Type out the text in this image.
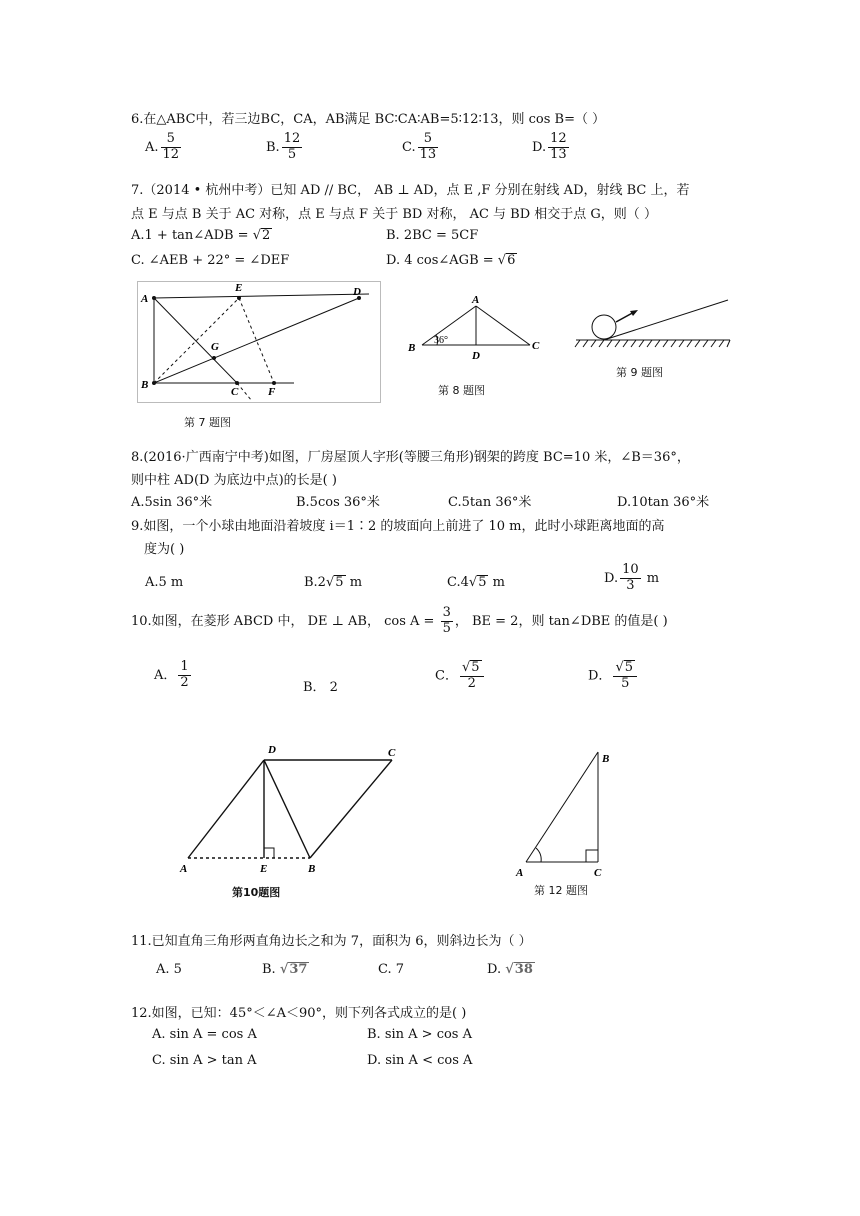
6.在△ABC中，若三边BC，CA，AB满足 BC∶CA∶AB=5∶12∶13，则 cos B=（ ）
A. $\frac{5}{12}$	B. $\frac{12}{5}$	C. $\frac{5}{13}$	D. $\frac{12}{13}$
7.（2014 • 杭州中考）已知 AD // BC， AB ⊥ AD，点 E ,F 分别在射线 AD，射线 BC 上，若
点 E 与点 B 关于 AC 对称，点 E 与点 F 关于 BD 对称， AC 与 BD 相交于点 G，则（ ）
A.1 + tan∠ADB = √ 2	B. 2BC = 5CF
C. ∠AEB + 22° = ∠DEF	D. 4 cos∠AGB = √ 6
A
E	D
G
B
C	F
第 7 题图
A
B	C
D
36°
第 8 题图
第 9 题图
8.(2016·广西南宁中考)如图，厂房屋顶人字形(等腰三角形)钢架的跨度 BC=10 米，∠B＝36°，
则中柱 AD(D 为底边中点)的长是( )
A.5sin 36°米	B.5cos 36°米	C.5tan 36°米	D.10tan 36°米
9.如图，一个小球由地面沿着坡度 i＝1∶2 的坡面向上前进了 10 m，此时小球距离地面的高
度为( )
A.5 m	B.2 √ 5 m	C.4 √ 5 m	D. $\frac{10}{3}$ m
10.如图，在菱形 ABCD 中， DE ⊥ AB， $\cos A = \frac{3}{5}$ ， BE = 2，则 tan∠DBE 的值是( )
A． $\frac{1}{2}$	B． 2
C． √ $\frac{5}{2}$	D． √ $\frac{5}{5}$
A	B
C
D
E
第10题图
B
A	C
第 12 题图
11.已知直角三角形两直角边长之和为 7，面积为 6，则斜边长为（ ）
A. 5	B. √ 37	C. 7	D. √ 38
12.如图，已知：45°＜∠A＜90°，则下列各式成立的是( )
A. sin A = cos A	B. sin A > cos A
C. sin A > tan A	D. sin A < cos A
